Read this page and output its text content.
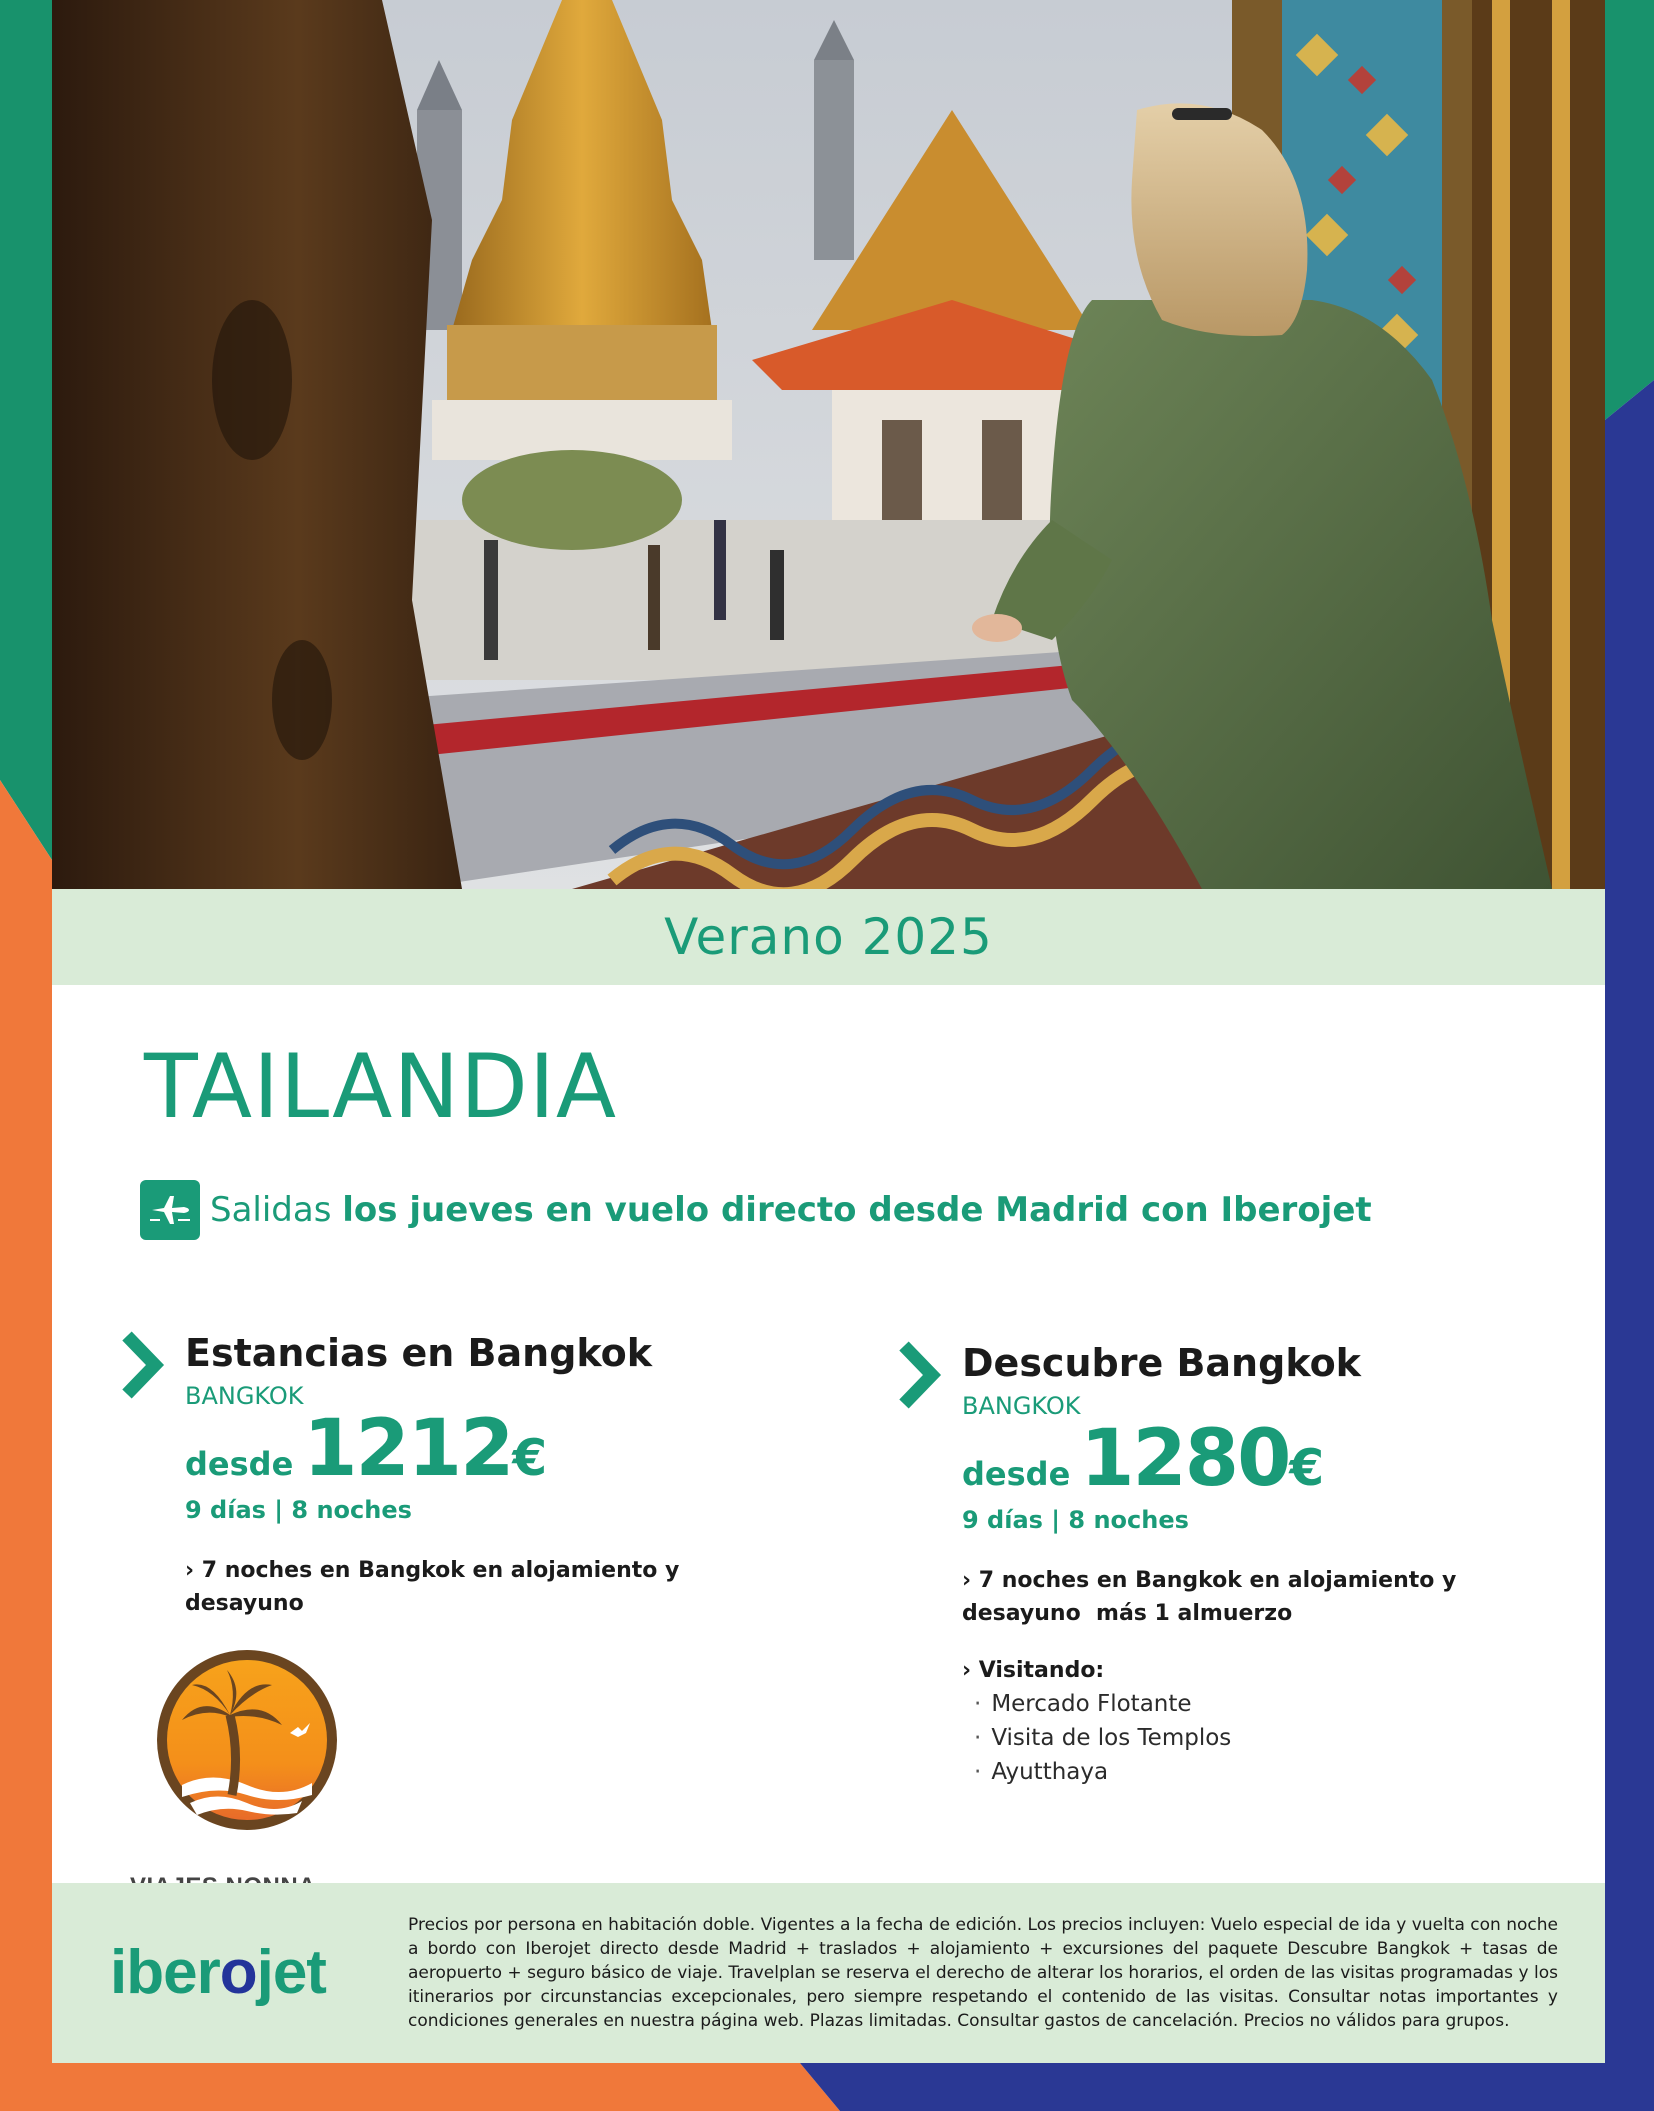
Verano 2025
TAILANDIA
Salidas los jueves en vuelo directo desde Madrid con Iberojet
Estancias en Bangkok
BANGKOK
desde 1212 €
9 días | 8 noches
› 7 noches en Bangkok en alojamiento y desayuno
Descubre Bangkok
BANGKOK
desde 1280 €
9 días | 8 noches
› 7 noches en Bangkok en alojamiento y desayuno  más 1 almuerzo
› Visitando:
· Mercado Flotante
· Visita de los Templos
· Ayutthaya
iberojet

Precios por persona en habitación doble. Vigentes a la fecha de edición. Los precios incluyen: Vuelo especial de ida y vuelta con noche a bordo con Iberojet directo desde Madrid + traslados + alojamiento + excursiones del paquete Descubre Bangkok + tasas de aeropuerto + seguro básico de viaje. Travelplan se reserva el derecho de alterar los horarios, el orden de las visitas programadas y los itinerarios por circunstancias excepcionales, pero siempre respetando el contenido de las visitas. Consultar notas importantes y condiciones generales en nuestra página web. Plazas limitadas. Consultar gastos de cancelación. Precios no válidos para grupos.
